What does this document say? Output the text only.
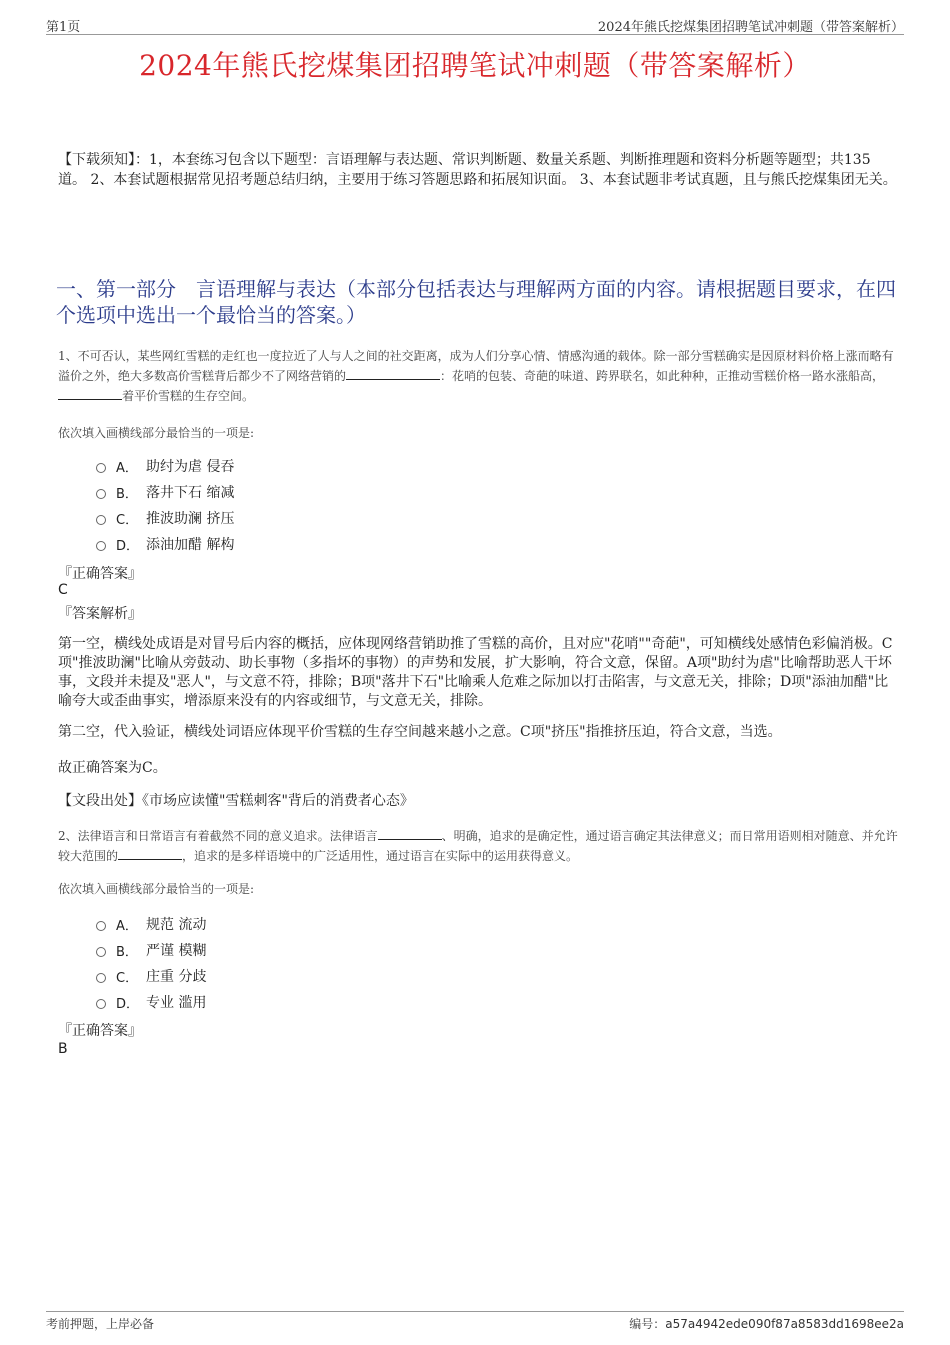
第1页	2024年熊氏挖煤集团招聘笔试冲刺题（带答案解析）
2024年熊氏挖煤集团招聘笔试冲刺题（带答案解析）
【下载须知】：1，本套练习包含以下题型：言语理解与表达题、常识判断题、数量关系题、判断推理题和资料分析题等题型；共135道。 2、本套试题根据常见招考题总结归纳，主要用于练习答题思路和拓展知识面。 3、本套试题非考试真题，且与熊氏挖煤集团无关。
一、第一部分　言语理解与表达（本部分包括表达与理解两方面的内容。请根据题目要求，在四个选项中选出一个最恰当的答案。）
1、不可否认，某些网红雪糕的走红也一度拉近了人与人之间的社交距离，成为人们分享心情、情感沟通的载体。除一部分雪糕确实是因原材料价格上涨而略有溢价之外，绝大多数高价雪糕背后都少不了网络营销的	：花哨的包装、奇葩的味道、跨界联名，如此种种，正推动雪糕价格一路水涨船高，着平价雪糕的生存空间。
依次填入画横线部分最恰当的一项是:
A． 助纣为虐 侵吞
B． 落井下石 缩减
C． 推波助澜 挤压
D． 添油加醋 解构
『正确答案』
C
『答案解析』
第一空，横线处成语是对冒号后内容的概括，应体现网络营销助推了雪糕的高价，且对应"花哨""奇葩"，可知横线处感情色彩偏消极。C项"推波助澜"比喻从旁鼓动、助长事物（多指坏的事物）的声势和发展，扩大影响，符合文意，保留。A项"助纣为虐"比喻帮助恶人干坏事，文段并未提及"恶人"，与文意不符，排除；B项"落井下石"比喻乘人危难之际加以打击陷害，与文意无关，排除；D项"添油加醋"比喻夸大或歪曲事实，增添原来没有的内容或细节，与文意无关，排除。
第二空，代入验证，横线处词语应体现平价雪糕的生存空间越来越小之意。C项"挤压"指推挤压迫，符合文意，当选。
故正确答案为C。
【文段出处】《市场应读懂"雪糕刺客"背后的消费者心态》
2、法律语言和日常语言有着截然不同的意义追求。法律语言	、明确，追求的是确定性，通过语言确定其法律意义；而日常用语则相对随意、并允许较大范围的	，追求的是多样语境中的广泛适用性，通过语言在实际中的运用获得意义。
依次填入画横线部分最恰当的一项是:
A． 规范 流动
B． 严谨 模糊
C． 庄重 分歧
D． 专业 滥用
『正确答案』
B
考前押题，上岸必备	编号：a57a4942ede090f87a8583dd1698ee2a
